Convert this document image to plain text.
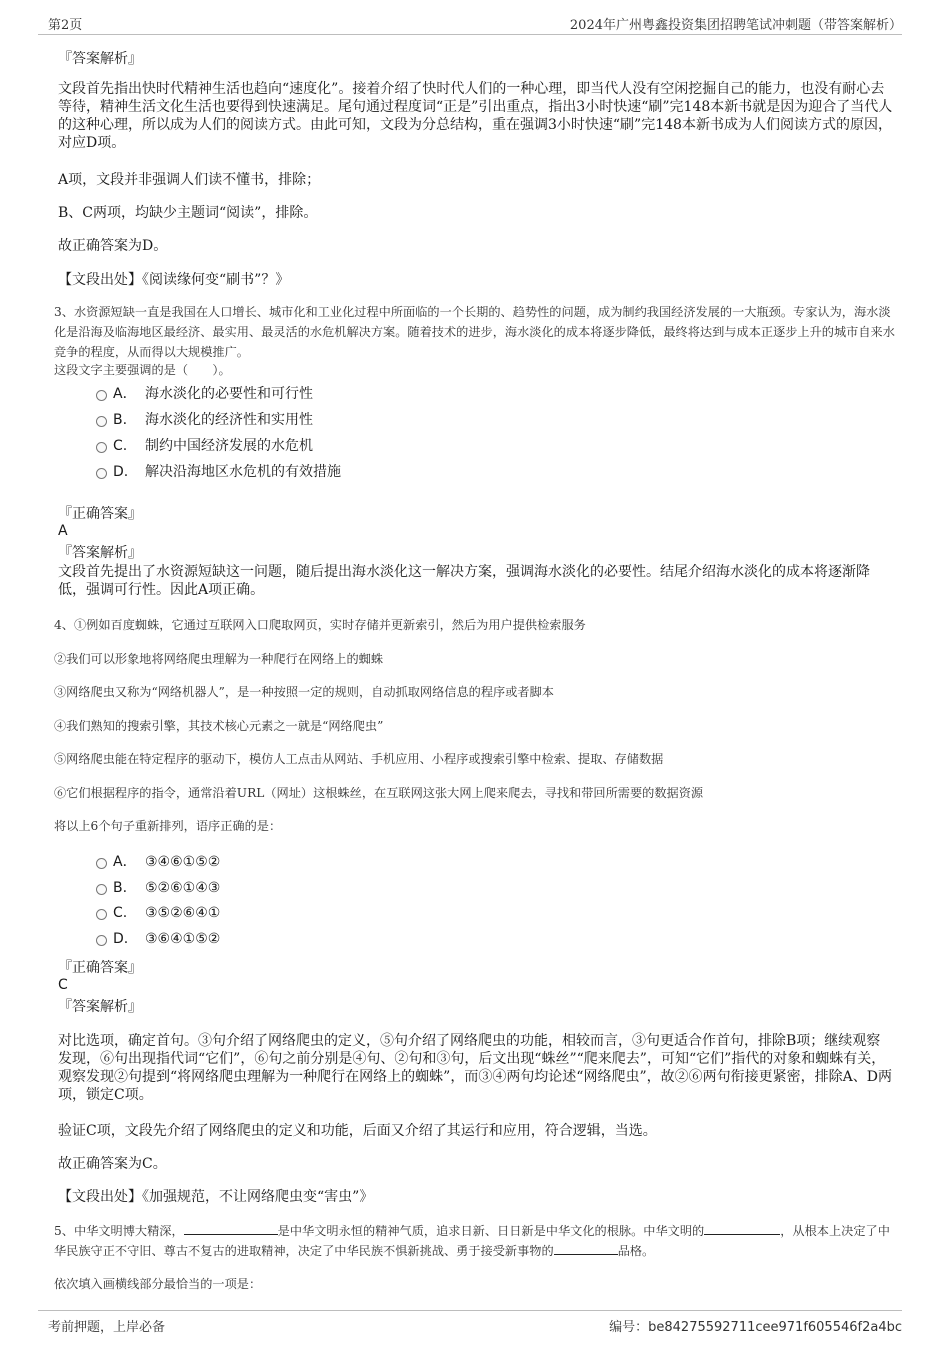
第2页	2024年广州粤鑫投资集团招聘笔试冲刺题（带答案解析）
『答案解析』
文段首先指出快时代精神生活也趋向“速度化”。接着介绍了快时代人们的一种心理，即当代人没有空闲挖掘自己的能力，也没有耐心去等待，精神生活文化生活也要得到快速满足。尾句通过程度词“正是”引出重点，指出3小时快速“刷”完148本新书就是因为迎合了当代人的这种心理，所以成为人们的阅读方式。由此可知，文段为分总结构，重在强调3小时快速“刷”完148本新书成为人们阅读方式的原因，对应D项。
A项，文段并非强调人们读不懂书，排除；
B、C两项，均缺少主题词“阅读”，排除。
故正确答案为D。
【文段出处】《阅读缘何变“刷书”？》
3、水资源短缺一直是我国在人口增长、城市化和工业化过程中所面临的一个长期的、趋势性的问题，成为制约我国经济发展的一大瓶颈。专家认为，海水淡化是沿海及临海地区最经济、最实用、最灵活的水危机解决方案。随着技术的进步，海水淡化的成本将逐步降低，最终将达到与成本正逐步上升的城市自来水竞争的程度，从而得以大规模推广。
这段文字主要强调的是（　　）。
A． 海水淡化的必要性和可行性
B. 海水淡化的经济性和实用性
C. 制约中国经济发展的水危机
D. 解决沿海地区水危机的有效措施
『正确答案』
A
『答案解析』
文段首先提出了水资源短缺这一问题，随后提出海水淡化这一解决方案，强调海水淡化的必要性。结尾介绍海水淡化的成本将逐渐降低，强调可行性。因此A项正确。
4、①例如百度蜘蛛，它通过互联网入口爬取网页，实时存储并更新索引，然后为用户提供检索服务
②我们可以形象地将网络爬虫理解为一种爬行在网络上的蜘蛛
③网络爬虫又称为“网络机器人”，是一种按照一定的规则，自动抓取网络信息的程序或者脚本
④我们熟知的搜索引擎，其技术核心元素之一就是“网络爬虫”
⑤网络爬虫能在特定程序的驱动下，模仿人工点击从网站、手机应用、小程序或搜索引擎中检索、提取、存储数据
⑥它们根据程序的指令，通常沿着URL（网址）这根蛛丝，在互联网这张大网上爬来爬去，寻找和带回所需要的数据资源
将以上6个句子重新排列，语序正确的是：
A． ③④⑥①⑤②
B. ⑤②⑥①④③
C. ③⑤②⑥④①
D. ③⑥④①⑤②
『正确答案』
C
『答案解析』
对比选项，确定首句。③句介绍了网络爬虫的定义，⑤句介绍了网络爬虫的功能，相较而言，③句更适合作首句，排除B项；继续观察发现，⑥句出现指代词“它们”，⑥句之前分别是④句、②句和③句，后文出现“蛛丝”“爬来爬去”，可知“它们”指代的对象和蜘蛛有关，观察发现②句提到“将网络爬虫理解为一种爬行在网络上的蜘蛛”，而③④两句均论述“网络爬虫”，故②⑥两句衔接更紧密，排除A、D两项，锁定C项。
验证C项，文段先介绍了网络爬虫的定义和功能，后面又介绍了其运行和应用，符合逻辑，当选。
故正确答案为C。
【文段出处】《加强规范，不让网络爬虫变“害虫”》
5、中华文明博大精深，	是中华文明永恒的精神气质，追求日新、日日新是中华文化的根脉。中华文明的	，从根本上决定了中华民族守正不守旧、尊古不复古的进取精神，决定了中华民族不惧新挑战、勇于接受新事物的	品格。
依次填入画横线部分最恰当的一项是：
考前押题，上岸必备	编号：be84275592711cee971f605546f2a4bc
